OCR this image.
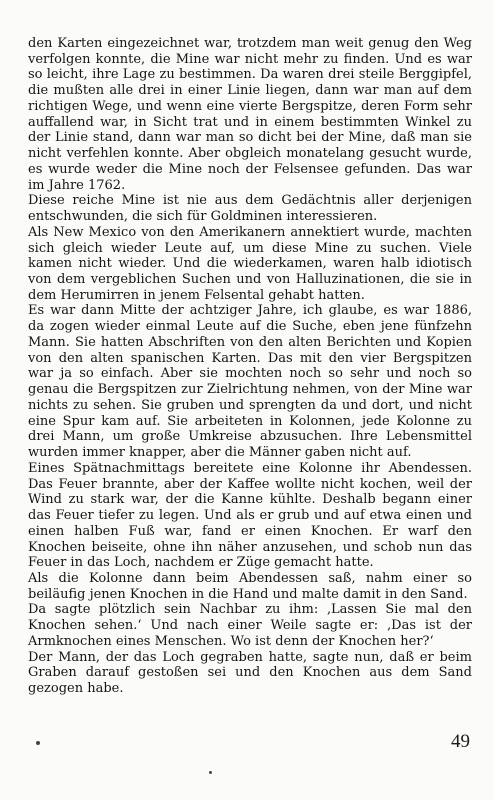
den Karten eingezeichnet war, trotzdem man weit genug den Weg verfolgen konnte, die Mine war nicht mehr zu finden. Und es war so leicht, ihre Lage zu bestimmen. Da waren drei steile Berggipfel, die mußten alle drei in einer Linie liegen, dann war man auf dem richtigen Wege, und wenn eine vierte Bergspitze, deren Form sehr auffallend war, in Sicht trat und in einem bestimmten Winkel zu der Linie stand, dann war man so dicht bei der Mine, daß man sie nicht verfehlen konnte. Aber obgleich monatelang gesucht wurde, es wurde weder die Mine noch der Felsensee gefunden. Das war im Jahre 1762.

Diese reiche Mine ist nie aus dem Gedächtnis aller derjenigen entschwunden, die sich für Goldminen interessieren.

Als New Mexico von den Amerikanern annektiert wurde, machten sich gleich wieder Leute auf, um diese Mine zu suchen. Viele kamen nicht wieder. Und die wiederkamen, waren halb idiotisch von dem vergeblichen Suchen und von Halluzinationen, die sie in dem Herumirren in jenem Felsental gehabt hatten.

Es war dann Mitte der achtziger Jahre, ich glaube, es war 1886, da zogen wieder einmal Leute auf die Suche, eben jene fünfzehn Mann. Sie hatten Abschriften von den alten Berichten und Kopien von den alten spanischen Karten. Das mit den vier Bergspitzen war ja so einfach. Aber sie mochten noch so sehr und noch so genau die Bergspitzen zur Zielrichtung nehmen, von der Mine war nichts zu sehen. Sie gruben und sprengten da und dort, und nicht eine Spur kam auf. Sie arbeiteten in Kolonnen, jede Kolonne zu drei Mann, um große Umkreise abzusuchen. Ihre Lebensmittel wurden immer knapper, aber die Männer gaben nicht auf.

Eines Spätnachmittags bereitete eine Kolonne ihr Abendessen. Das Feuer brannte, aber der Kaffee wollte nicht kochen, weil der Wind zu stark war, der die Kanne kühlte. Deshalb begann einer das Feuer tiefer zu legen. Und als er grub und auf etwa einen und einen halben Fuß war, fand er einen Knochen. Er warf den Knochen beiseite, ohne ihn näher anzusehen, und schob nun das Feuer in das Loch, nachdem er Züge gemacht hatte.

Als die Kolonne dann beim Abendessen saß, nahm einer so beiläufig jenen Knochen in die Hand und malte damit in den Sand.

Da sagte plötzlich sein Nachbar zu ihm: ‚Lassen Sie mal den Knochen sehen.‘ Und nach einer Weile sagte er: ‚Das ist der Armknochen eines Menschen. Wo ist denn der Knochen her?‘

Der Mann, der das Loch gegraben hatte, sagte nun, daß er beim Graben darauf gestoßen sei und den Knochen aus dem Sand gezogen habe.

49
